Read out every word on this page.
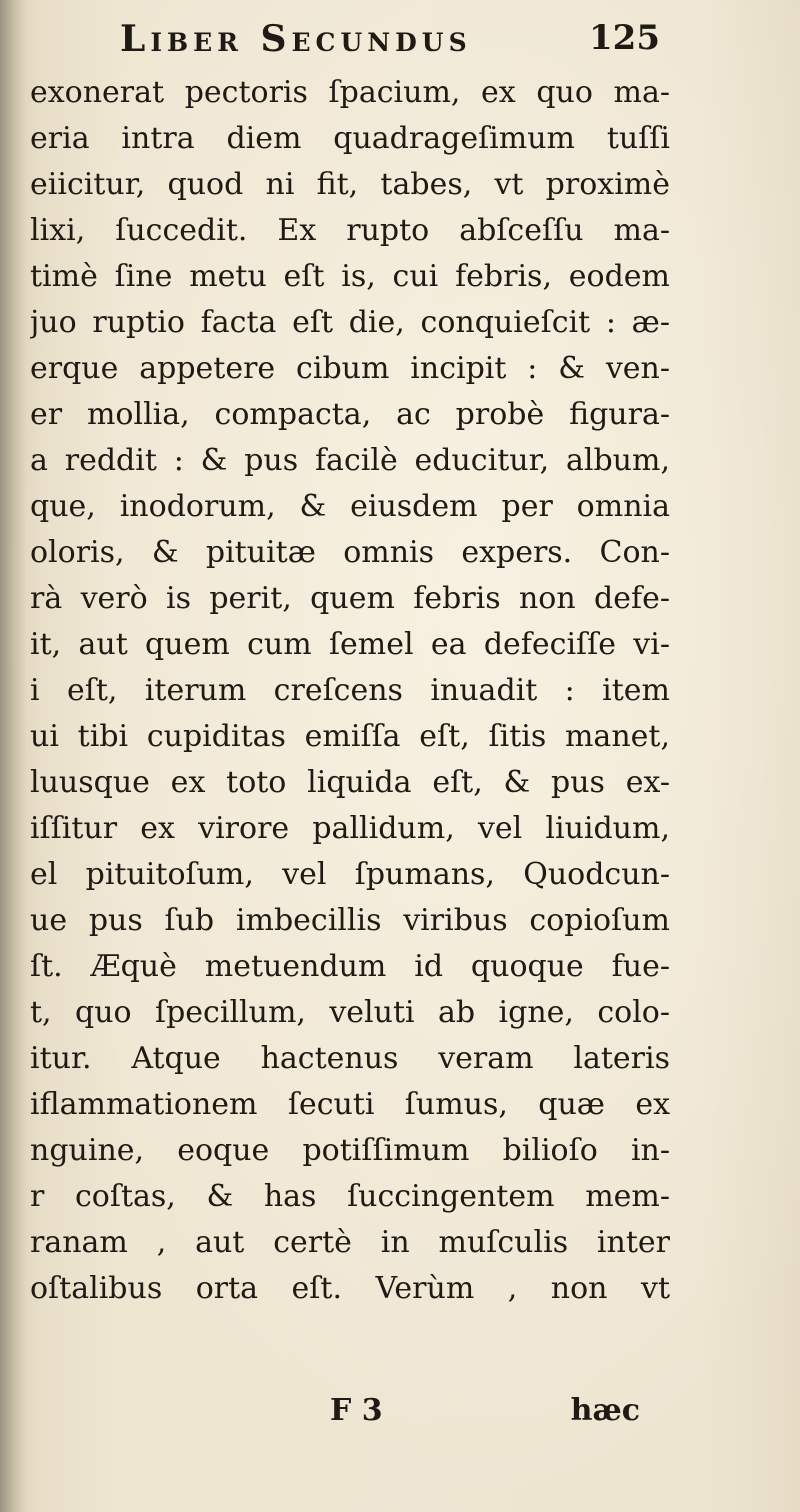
Liber Secundus	125
exonerat pectoris ſpacium, ex quo ma-
eria intra diem quadrageſimum tuſſi
eiicitur, quod ni fit, tabes, vt proximè
lixi, ſuccedit. Ex rupto abſceſſu ma-
timè ſine metu eſt is, cui febris, eodem
juo ruptio facta eſt die, conquieſcit : æ-
erque appetere cibum incipit : & ven-
er mollia, compacta, ac probè figura-
a reddit : & pus facilè educitur, album,
que, inodorum, & eiusdem per omnia
oloris, & pituitæ omnis expers. Con-
rà verò is perit, quem febris non defe-
it, aut quem cum ſemel ea defeciſſe vi-
i eſt, iterum creſcens inuadit : item
ui tibi cupiditas emiſſa eſt, ſitis manet,
luusque ex toto liquida eſt, & pus ex-
iſſitur ex virore pallidum, vel liuidum,
el pituitoſum, vel ſpumans, Quodcun-
ue pus ſub imbecillis viribus copioſum
ſt. Æquè metuendum id quoque fue-
t, quo ſpecillum, veluti ab igne, colo-
itur. Atque hactenus veram lateris
iflammationem ſecuti ſumus, quæ ex
nguine, eoque potiſſimum bilioſo in-
r coſtas, & has ſuccingentem mem-
ranam , aut certè in muſculis inter
oſtalibus orta eſt. Verùm , non vt
F 3	hæc
